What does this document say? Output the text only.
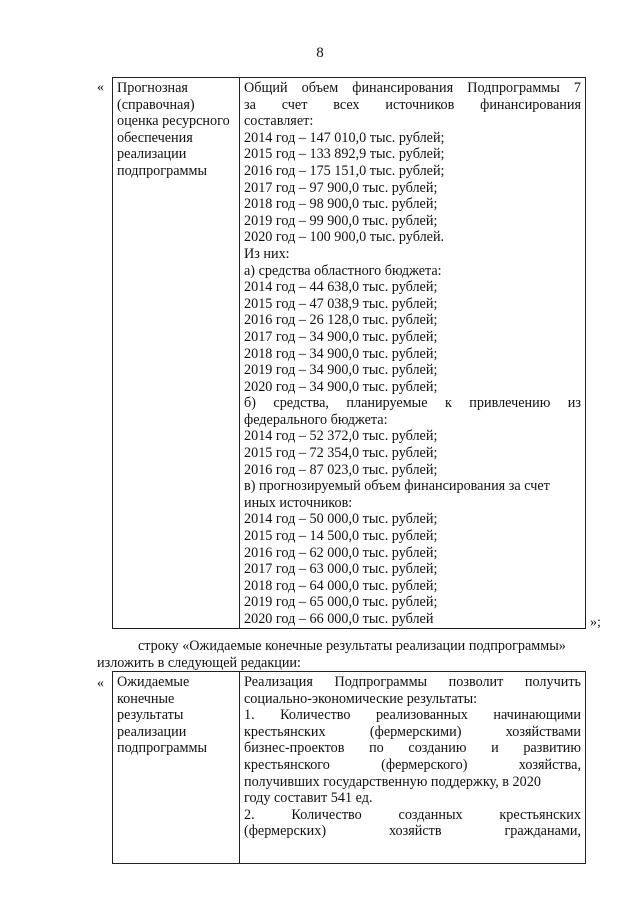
8
« Прогнозная
(справочная)
оценка ресурсного
обеспечения
реализации
подпрограммы

Общий объем финансирования Подпрограммы 7
за счет всех источников финансирования
составляет:
2014 год – 147 010,0 тыс. рублей;
2015 год – 133 892,9 тыс. рублей;
2016 год – 175 151,0 тыс. рублей;
2017 год – 97 900,0 тыс. рублей;
2018 год – 98 900,0 тыс. рублей;
2019 год – 99 900,0 тыс. рублей;
2020 год – 100 900,0 тыс. рублей.
Из них:
а) средства областного бюджета:
2014 год – 44 638,0 тыс. рублей;
2015 год – 47 038,9 тыс. рублей;
2016 год – 26 128,0 тыс. рублей;
2017 год – 34 900,0 тыс. рублей;
2018 год – 34 900,0 тыс. рублей;
2019 год – 34 900,0 тыс. рублей;
2020 год – 34 900,0 тыс. рублей;
б) средства, планируемые к привлечению из
федерального бюджета:
2014 год – 52 372,0 тыс. рублей;
2015 год – 72 354,0 тыс. рублей;
2016 год – 87 023,0 тыс. рублей;
в) прогнозируемый объем финансирования за счет
иных источников:
2014 год – 50 000,0 тыс. рублей;
2015 год – 14 500,0 тыс. рублей;
2016 год – 62 000,0 тыс. рублей;
2017 год – 63 000,0 тыс. рублей;
2018 год – 64 000,0 тыс. рублей;
2019 год – 65 000,0 тыс. рублей;
2020 год – 66 000,0 тыс. рублей	»;
строку «Ожидаемые конечные результаты реализации подпрограммы»
изложить в следующей редакции:
« Ожидаемые
конечные
результаты
реализации
подпрограммы

Реализация Подпрограммы позволит получить
социально-экономические результаты:
1. Количество реализованных начинающими
крестьянских (фермерскими) хозяйствами
бизнес-проектов по созданию и развитию
крестьянского (фермерского) хозяйства,
получивших государственную поддержку, в 2020
году составит 541 ед.
2. Количество созданных крестьянских
(фермерских) хозяйств гражданами,
